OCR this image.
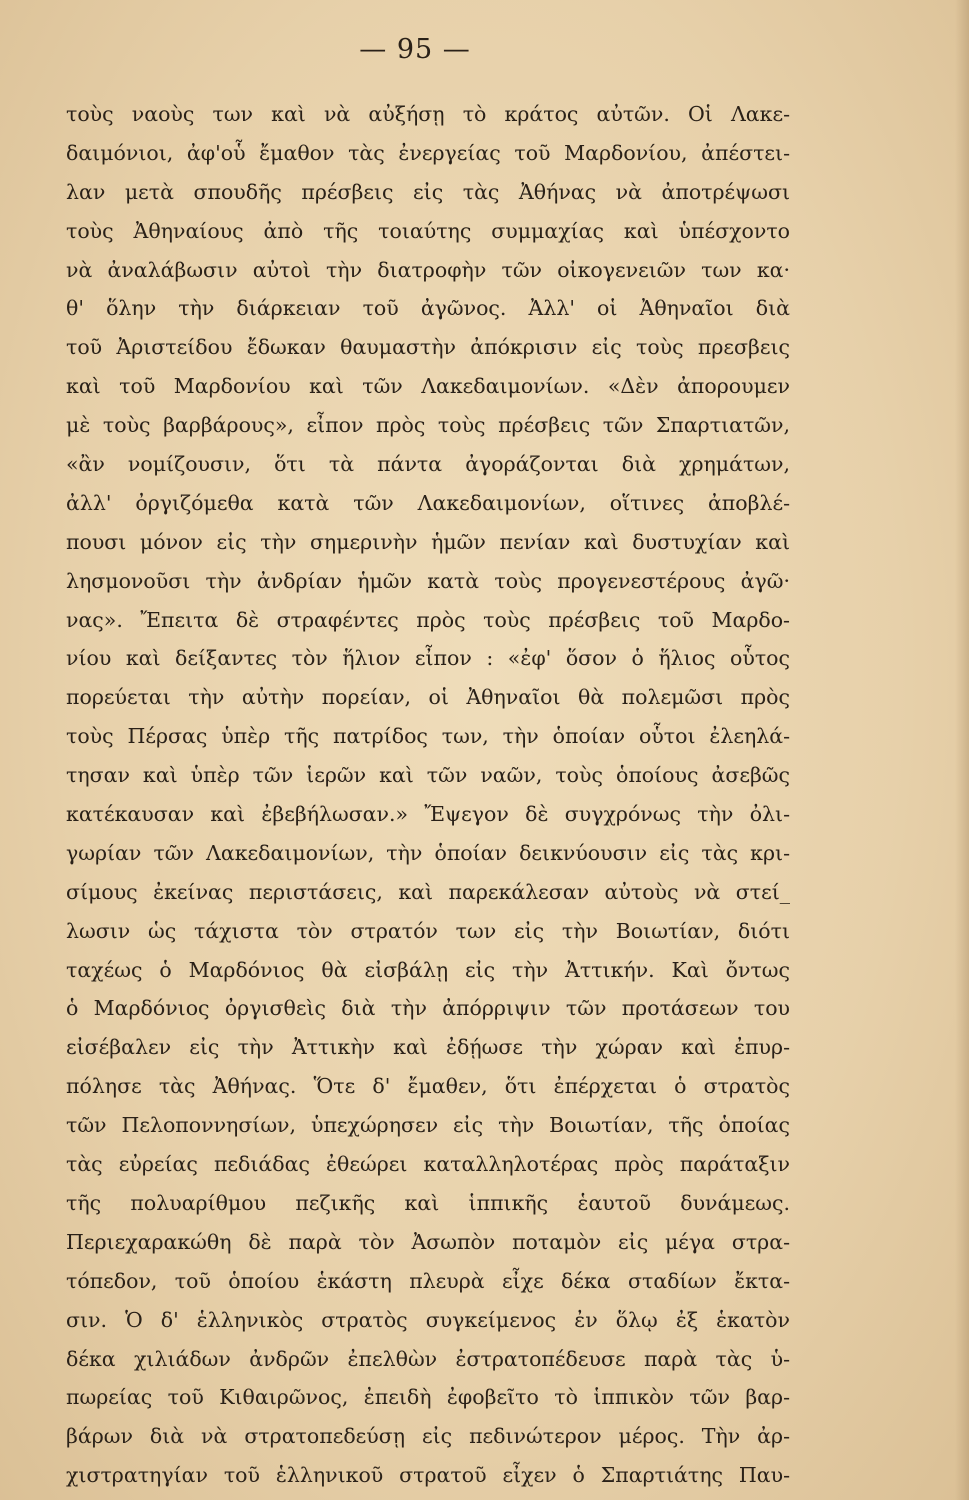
— 95 —
τοὺς ναοὺς των καὶ νὰ αὐξήσῃ τὸ κράτος αὐτῶν. Οἱ Λακε-
δαιμόνιοι, ἀφ'οὗ ἔμαθον τὰς ἐνεργείας τοῦ Μαρδονίου, ἀπέστει-
λαν μετὰ σπουδῆς πρέσβεις εἰς τὰς Ἀθήνας νὰ ἀποτρέψωσι
τοὺς Ἀθηναίους ἀπὸ τῆς τοιαύτης συμμαχίας καὶ ὑπέσχοντο
νὰ ἀναλάβωσιν αὐτοὶ τὴν διατροφὴν τῶν οἰκογενειῶν των κα·
θ' ὅλην τὴν διάρκειαν τοῦ ἀγῶνος. Ἀλλ' οἱ Ἀθηναῖοι διὰ
τοῦ Ἀριστείδου ἔδωκαν θαυμαστὴν ἀπόκρισιν εἰς τοὺς πρεσβεις
καὶ τοῦ Μαρδονίου καὶ τῶν Λακεδαιμονίων. «Δὲν ἀπορουμεν
μὲ τοὺς βαρβάρους», εἶπον πρὸς τοὺς πρέσβεις τῶν Σπαρτιατῶν,
«ἂν νομίζουσιν, ὅτι τὰ πάντα ἀγοράζονται διὰ χρημάτων,
ἀλλ' ὀργιζόμεθα κατὰ τῶν Λακεδαιμονίων, οἵτινες ἀποβλέ-
πουσι μόνον εἰς τὴν σημερινὴν ἡμῶν πενίαν καὶ δυστυχίαν καὶ
λησμονοῦσι τὴν ἀνδρίαν ἡμῶν κατὰ τοὺς προγενεστέρους ἀγῶ·
νας». Ἔπειτα δὲ στραφέντες πρὸς τοὺς πρέσβεις τοῦ Μαρδο-
νίου καὶ δείξαντες τὸν ἥλιον εἶπον : «ἐφ' ὅσον ὁ ἥλιος οὗτος
πορεύεται τὴν αὐτὴν πορείαν, οἱ Ἀθηναῖοι θὰ πολεμῶσι πρὸς
τοὺς Πέρσας ὑπὲρ τῆς πατρίδος των, τὴν ὁποίαν οὗτοι ἐλεηλά-
τησαν καὶ ὑπὲρ τῶν ἱερῶν καὶ τῶν ναῶν, τοὺς ὁποίους ἀσεβῶς
κατέκαυσαν καὶ ἐβεβήλωσαν.» Ἔψεγον δὲ συγχρόνως τὴν ὀλι-
γωρίαν τῶν Λακεδαιμονίων, τὴν ὁποίαν δεικνύουσιν εἰς τὰς κρι-
σίμους ἐκείνας περιστάσεις, καὶ παρεκάλεσαν αὐτοὺς νὰ στεί_
λωσιν ὡς τάχιστα τὸν στρατόν των εἰς τὴν Βοιωτίαν, διότι
ταχέως ὁ Μαρδόνιος θὰ εἰσβάλῃ εἰς τὴν Ἀττικήν. Καὶ ὄντως
ὁ Μαρδόνιος ὀργισθεὶς διὰ τὴν ἀπόρριψιν τῶν προτάσεων του
εἰσέβαλεν εἰς τὴν Ἀττικὴν καὶ ἐδῄωσε τὴν χώραν καὶ ἐπυρ-
πόλησε τὰς Ἀθήνας. Ὅτε δ' ἔμαθεν, ὅτι ἐπέρχεται ὁ στρατὸς
τῶν Πελοποννησίων, ὑπεχώρησεν εἰς τὴν Βοιωτίαν, τῆς ὁποίας
τὰς εὐρείας πεδιάδας ἐθεώρει καταλληλοτέρας πρὸς παράταξιν
τῆς πολυαρίθμου πεζικῆς καὶ ἱππικῆς ἑαυτοῦ δυνάμεως.
Περιεχαρακώθη δὲ παρὰ τὸν Ἀσωπὸν ποταμὸν εἰς μέγα στρα-
τόπεδον, τοῦ ὁποίου ἑκάστη πλευρὰ εἶχε δέκα σταδίων ἔκτα-
σιν. Ὁ δ' ἑλληνικὸς στρατὸς συγκείμενος ἐν ὅλῳ ἐξ ἑκατὸν
δέκα χιλιάδων ἀνδρῶν ἐπελθὼν ἐστρατοπέδευσε παρὰ τὰς ὑ-
πωρείας τοῦ Κιθαιρῶνος, ἐπειδὴ ἐφοβεῖτο τὸ ἱππικὸν τῶν βαρ-
βάρων διὰ νὰ στρατοπεδεύσῃ εἰς πεδινώτερον μέρος. Τὴν ἀρ-
χιστρατηγίαν τοῦ ἑλληνικοῦ στρατοῦ εἶχεν ὁ Σπαρτιάτης Παυ-
